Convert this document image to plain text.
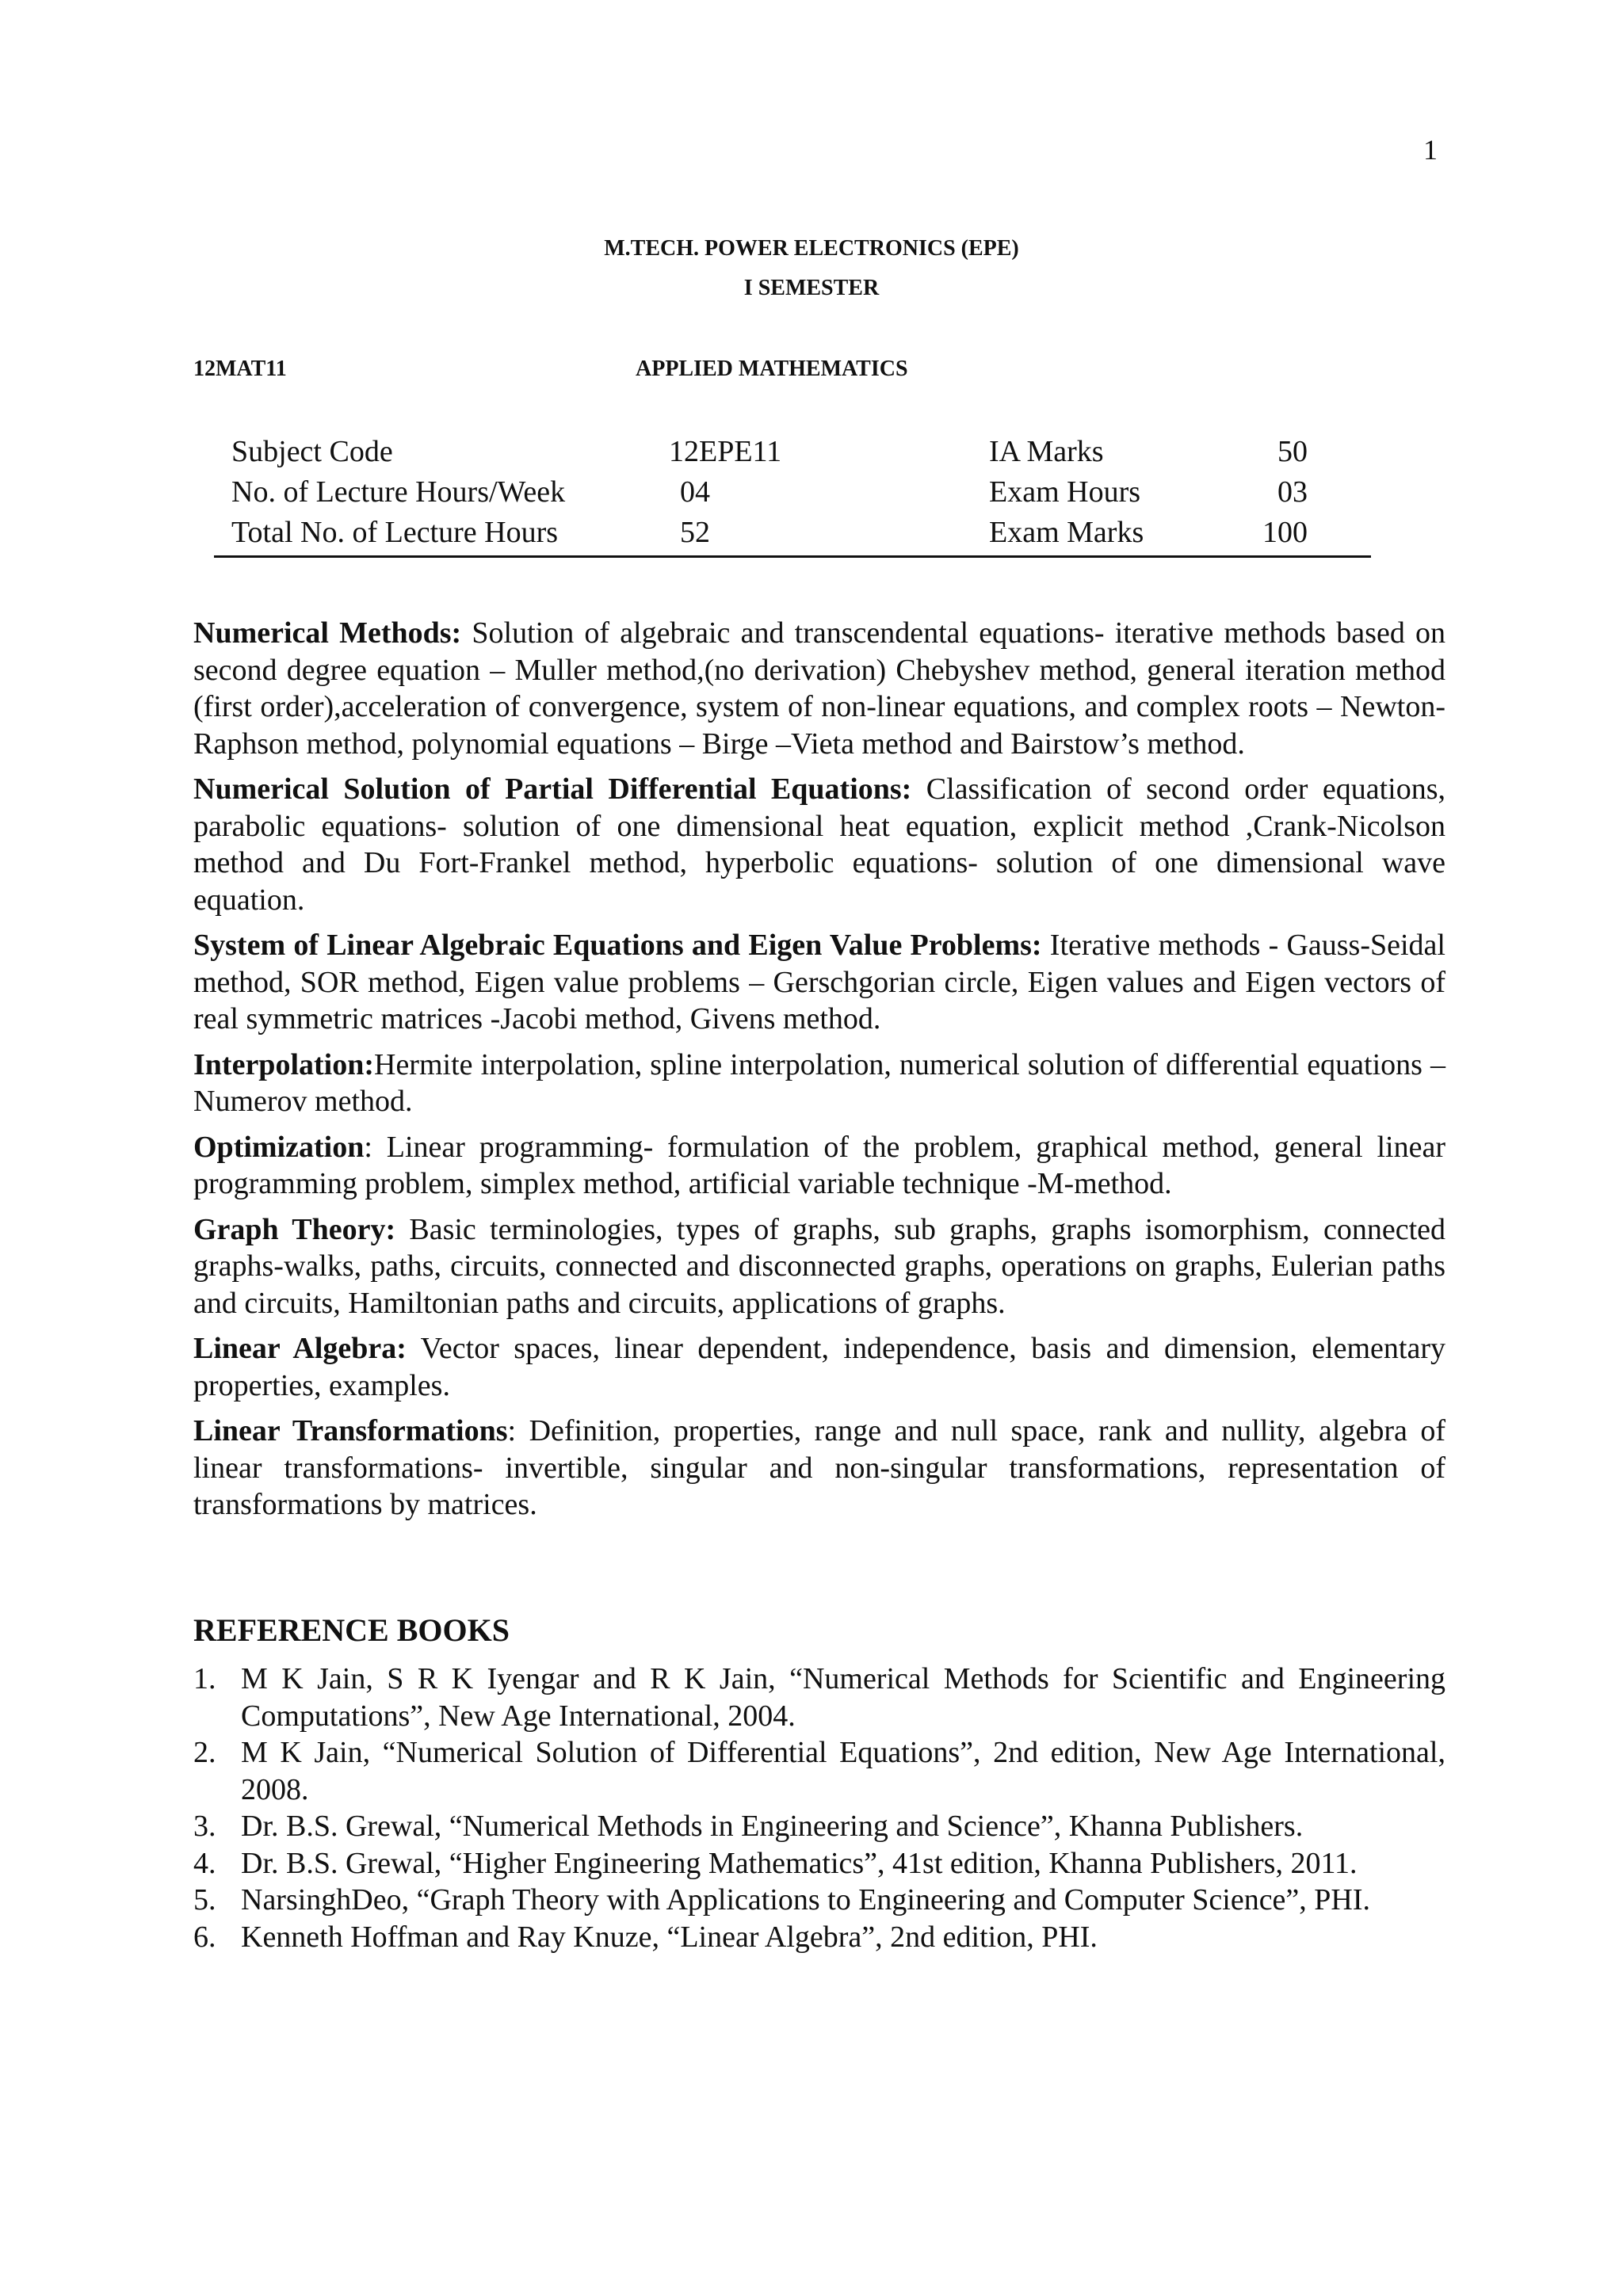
1
M.TECH. POWER ELECTRONICS (EPE)
I SEMESTER
12MAT11	APPLIED MATHEMATICS
Subject Code	12EPE11	IA Marks	50
No. of Lecture Hours/Week	04	Exam Hours	03
Total No. of Lecture Hours	52	Exam Marks	100

Numerical Methods: Solution of algebraic and transcendental equations- iterative methods based on second degree equation – Muller method,(no derivation) Chebyshev method, general iteration method (first order),acceleration of convergence, system of non-linear equations, and complex roots – Newton-Raphson method, polynomial equations – Birge –Vieta method and Bairstow’s method.

Numerical Solution of Partial Differential Equations: Classification of second order equations, parabolic equations- solution of one dimensional heat equation, explicit method ,Crank-Nicolson method and Du Fort-Frankel method, hyperbolic equations- solution of one dimensional wave equation.

System of Linear Algebraic Equations and Eigen Value Problems: Iterative methods - Gauss-Seidal method, SOR method, Eigen value problems – Gerschgorian circle, Eigen values and Eigen vectors of real symmetric matrices -Jacobi method, Givens method.

Interpolation:Hermite interpolation, spline interpolation, numerical solution of differential equations – Numerov method.

Optimization: Linear programming- formulation of the problem, graphical method, general linear programming problem, simplex method, artificial variable technique -M-method.

Graph Theory: Basic terminologies, types of graphs, sub graphs, graphs isomorphism, connected graphs-walks, paths, circuits, connected and disconnected graphs, operations on graphs, Eulerian paths and circuits, Hamiltonian paths and circuits, applications of graphs.

Linear Algebra: Vector spaces, linear dependent, independence, basis and dimension, elementary properties, examples.

Linear Transformations: Definition, properties, range and null space, rank and nullity, algebra of linear transformations- invertible, singular and non-singular transformations, representation of transformations by matrices.

REFERENCE BOOKS
1. M K Jain, S R K Iyengar and R K Jain, “Numerical Methods for Scientific and Engineering Computations”, New Age International, 2004.
2. M K Jain, “Numerical Solution of Differential Equations”, 2nd edition, New Age International, 2008.
3. Dr. B.S. Grewal, “Numerical Methods in Engineering and Science”, Khanna Publishers.
4. Dr. B.S. Grewal, “Higher Engineering Mathematics”, 41st edition, Khanna Publishers, 2011.
5. NarsinghDeo, “Graph Theory with Applications to Engineering and Computer Science”, PHI.
6. Kenneth Hoffman and Ray Knuze, “Linear Algebra”, 2nd edition, PHI.
